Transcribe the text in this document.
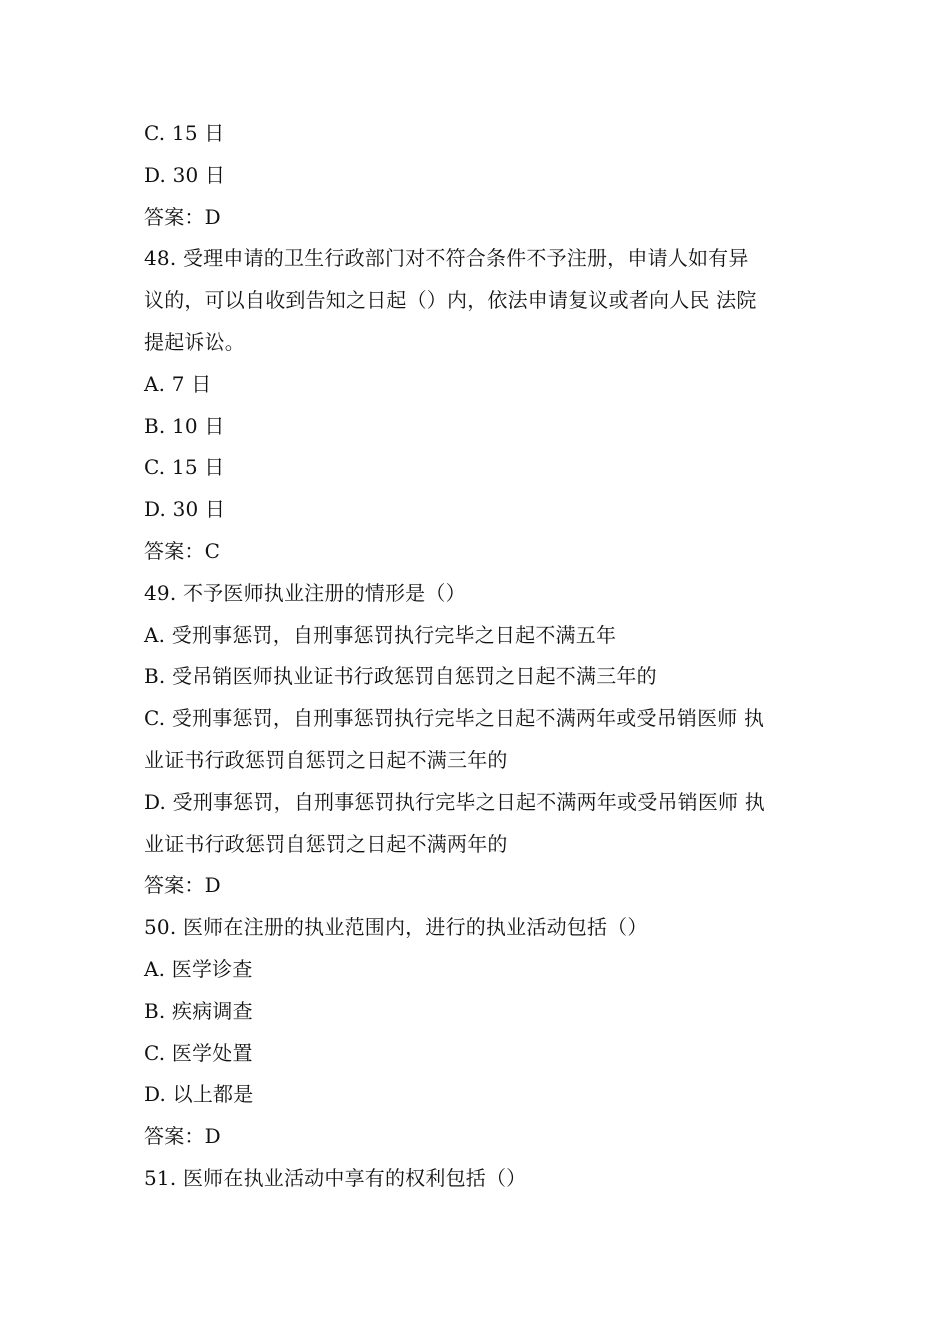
C. 15 日
D. 30 日
答案：D
48. 受理申请的卫生行政部门对不符合条件不予注册，申请人如有异
议的，可以自收到告知之日起（）内，依法申请复议或者向人民 法院
提起诉讼。
A. 7 日
B. 10 日
C. 15 日
D. 30 日
答案：C
49. 不予医师执业注册的情形是（）
A. 受刑事惩罚，自刑事惩罚执行完毕之日起不满五年
B. 受吊销医师执业证书行政惩罚自惩罚之日起不满三年的
C. 受刑事惩罚，自刑事惩罚执行完毕之日起不满两年或受吊销医师 执
业证书行政惩罚自惩罚之日起不满三年的
D. 受刑事惩罚，自刑事惩罚执行完毕之日起不满两年或受吊销医师 执
业证书行政惩罚自惩罚之日起不满两年的
答案：D
50. 医师在注册的执业范围内，进行的执业活动包括（）
A. 医学诊查
B. 疾病调查
C. 医学处置
D. 以上都是
答案：D
51. 医师在执业活动中享有的权利包括（）
